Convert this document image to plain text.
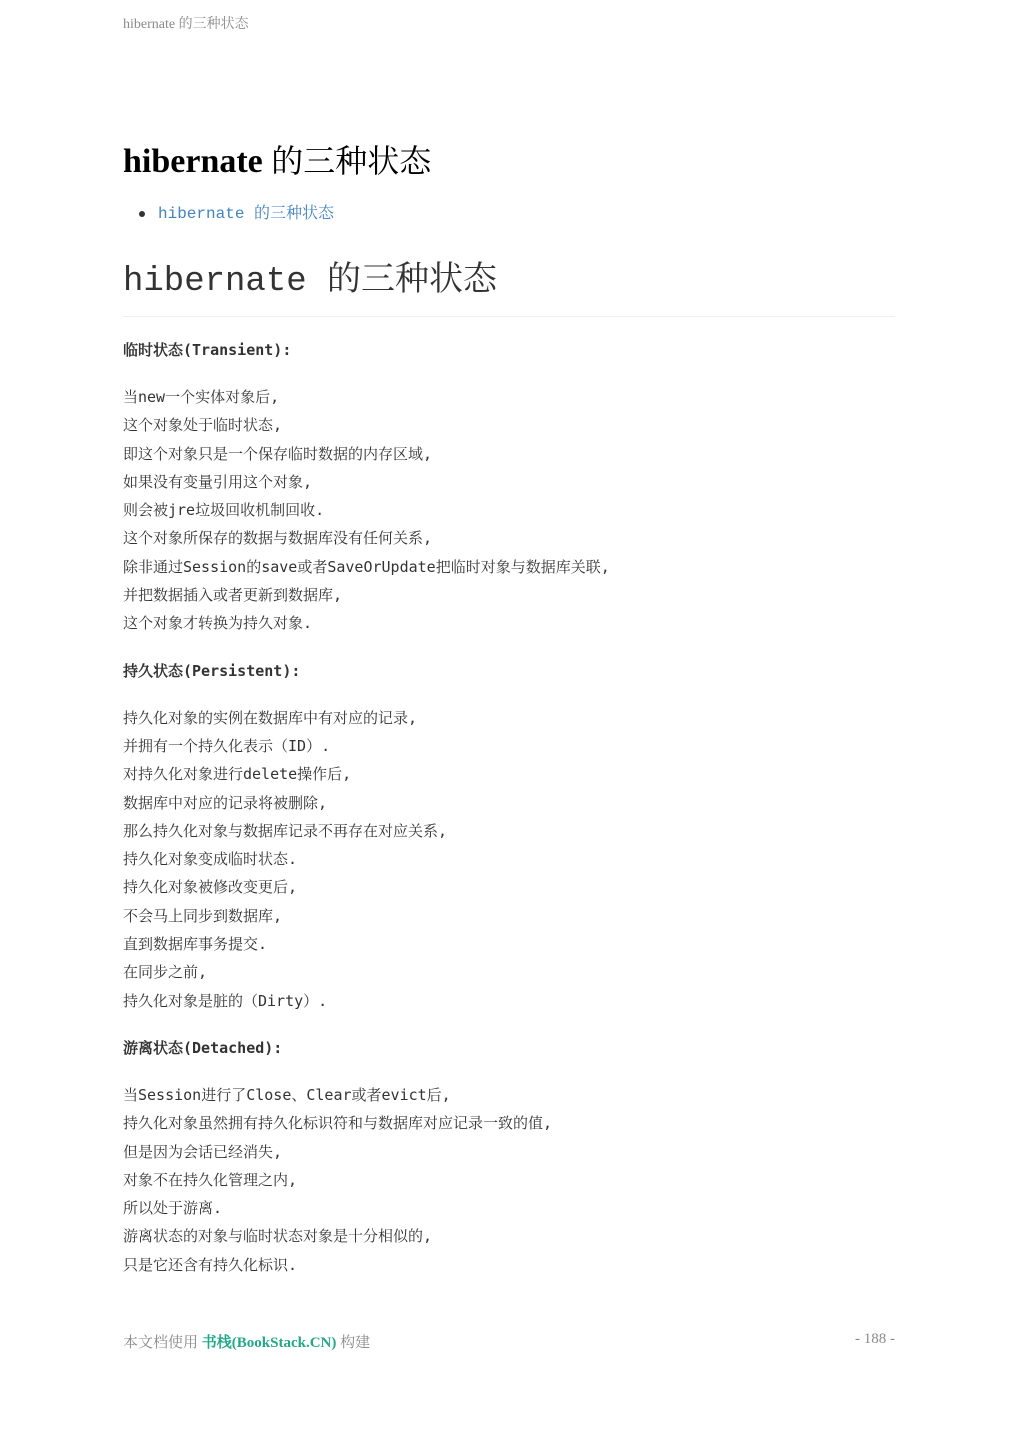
hibernate 的三种状态
hibernate 的三种状态
hibernate 的三种状态
hibernate 的三种状态

临时状态(Transient):

当new一个实体对象后,
这个对象处于临时状态,
即这个对象只是一个保存临时数据的内存区域,
如果没有变量引用这个对象,
则会被jre垃圾回收机制回收.
这个对象所保存的数据与数据库没有任何关系,
除非通过Session的save或者SaveOrUpdate把临时对象与数据库关联,
并把数据插入或者更新到数据库,
这个对象才转换为持久对象.

持久状态(Persistent):

持久化对象的实例在数据库中有对应的记录,
并拥有一个持久化表示（ID）.
对持久化对象进行delete操作后,
数据库中对应的记录将被删除,
那么持久化对象与数据库记录不再存在对应关系,
持久化对象变成临时状态.
持久化对象被修改变更后,
不会马上同步到数据库,
直到数据库事务提交.
在同步之前,
持久化对象是脏的（Dirty）.

游离状态(Detached):

当Session进行了Close、Clear或者evict后,
持久化对象虽然拥有持久化标识符和与数据库对应记录一致的值,
但是因为会话已经消失,
对象不在持久化管理之内,
所以处于游离.
游离状态的对象与临时状态对象是十分相似的,
只是它还含有持久化标识.

本文档使用 书栈(BookStack.CN) 构建	- 188 -
